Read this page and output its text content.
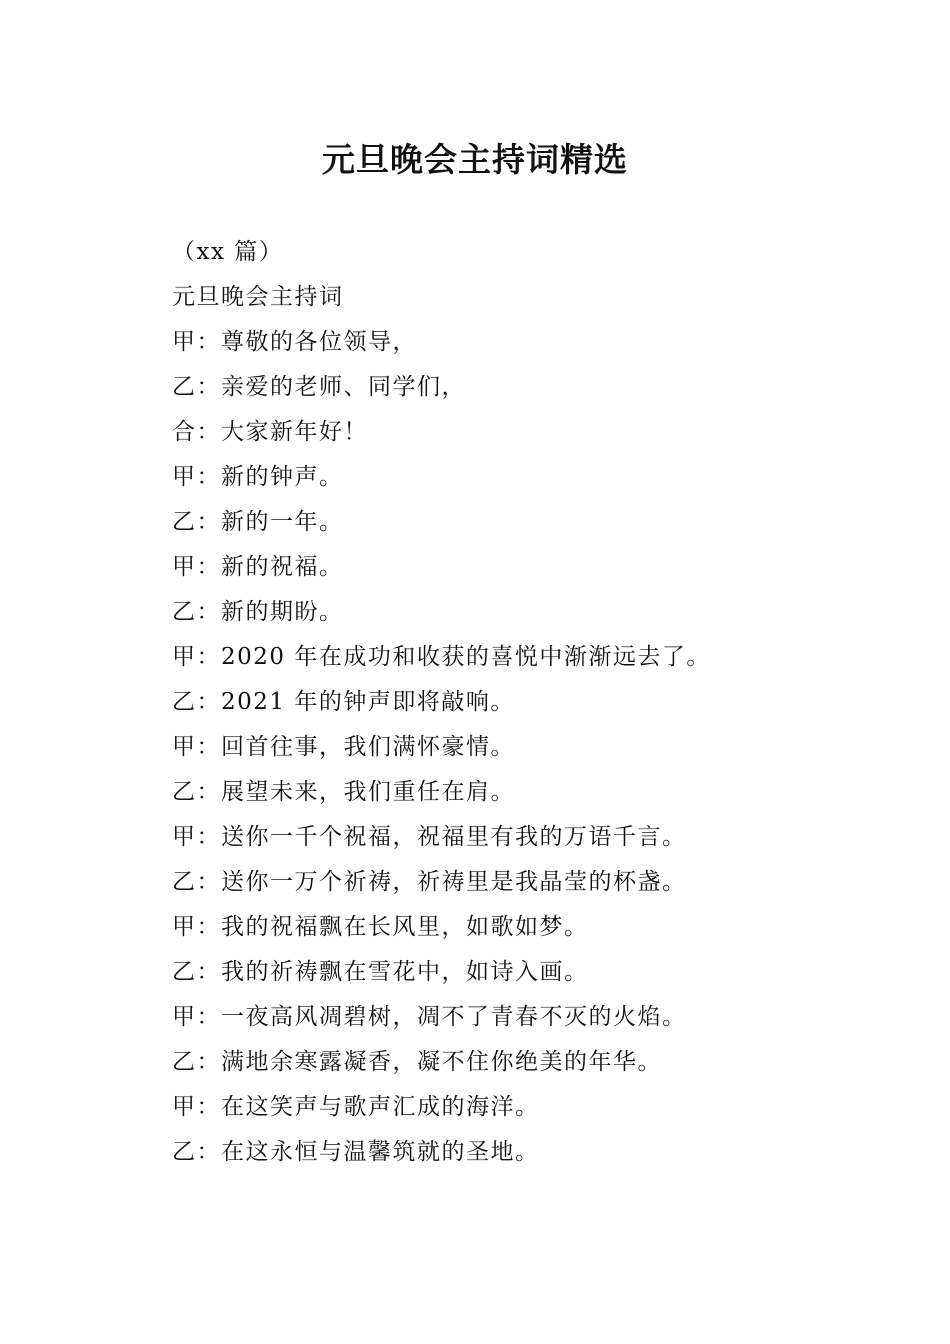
元旦晚会主持词精选
（xx 篇）
元旦晚会主持词
甲：尊敬的各位领导，
乙：亲爱的老师、同学们，
合：大家新年好！
甲：新的钟声。
乙：新的一年。
甲：新的祝福。
乙：新的期盼。
甲：2020 年在成功和收获的喜悦中渐渐远去了。
乙：2021 年的钟声即将敲响。
甲：回首往事，我们满怀豪情。
乙：展望未来，我们重任在肩。
甲：送你一千个祝福，祝福里有我的万语千言。
乙：送你一万个祈祷，祈祷里是我晶莹的杯盏。
甲：我的祝福飘在长风里，如歌如梦。
乙：我的祈祷飘在雪花中，如诗入画。
甲：一夜高风凋碧树，凋不了青春不灭的火焰。
乙：满地余寒露凝香，凝不住你绝美的年华。
甲：在这笑声与歌声汇成的海洋。
乙：在这永恒与温馨筑就的圣地。
